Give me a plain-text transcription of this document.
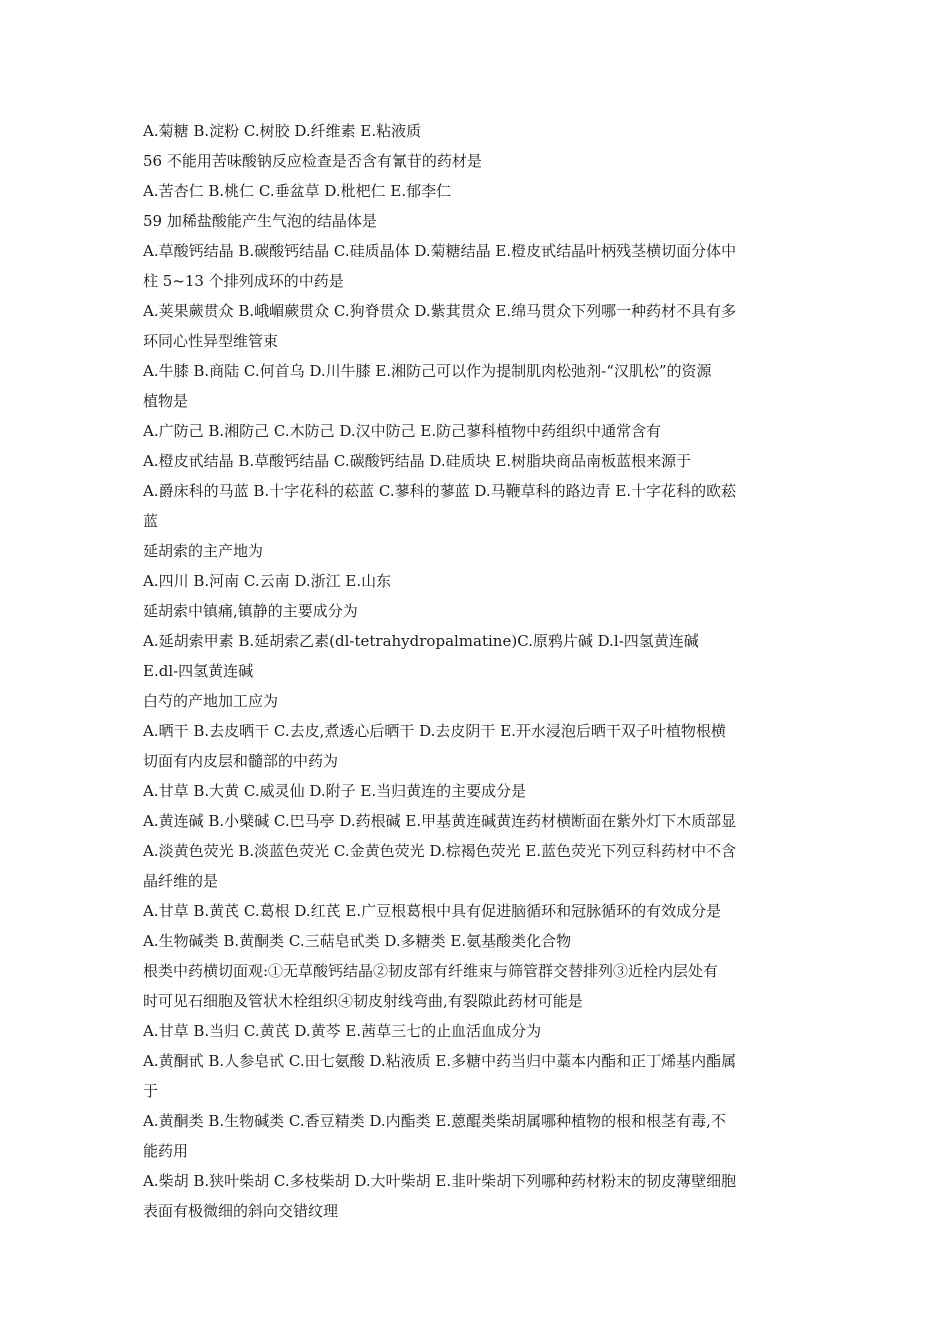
A.菊糖 B.淀粉 C.树胶 D.纤维素 E.粘液质
56 不能用苦味酸钠反应检查是否含有氰苷的药材是
A.苦杏仁 B.桃仁 C.垂盆草 D.枇杷仁 E.郁李仁
59 加稀盐酸能产生气泡的结晶体是
A.草酸钙结晶 B.碳酸钙结晶 C.硅质晶体 D.菊糖结晶 E.橙皮甙结晶叶柄残茎横切面分体中
柱 5~13 个排列成环的中药是
A.荚果蕨贯众 B.峨嵋蕨贯众 C.狗脊贯众 D.紫萁贯众 E.绵马贯众下列哪一种药材不具有多
环同心性异型维管束
A.牛膝 B.商陆 C.何首乌 D.川牛膝 E.湘防己可以作为提制肌肉松弛剂-“汉肌松”的资源
植物是
A.广防己 B.湘防己 C.木防己 D.汉中防己 E.防己蓼科植物中药组织中通常含有
A.橙皮甙结晶 B.草酸钙结晶 C.碳酸钙结晶 D.硅质块 E.树脂块商品南板蓝根来源于
A.爵床科的马蓝 B.十字花科的菘蓝 C.蓼科的蓼蓝 D.马鞭草科的路边青 E.十字花科的欧菘
蓝
延胡索的主产地为
A.四川 B.河南 C.云南 D.浙江 E.山东
延胡索中镇痛,镇静的主要成分为
A.延胡索甲素 B.延胡索乙素(dl-tetrahydropalmatine)C.原鸦片碱 D.l-四氢黄连碱
E.dl-四氢黄连碱
白芍的产地加工应为
A.晒干 B.去皮晒干 C.去皮,煮透心后晒干 D.去皮阴干 E.开水浸泡后晒干双子叶植物根横
切面有内皮层和髓部的中药为
A.甘草 B.大黄 C.威灵仙 D.附子 E.当归黄连的主要成分是
A.黄连碱 B.小檗碱 C.巴马亭 D.药根碱 E.甲基黄连碱黄连药材横断面在紫外灯下木质部显
A.淡黄色荧光 B.淡蓝色荧光 C.金黄色荧光 D.棕褐色荧光 E.蓝色荧光下列豆科药材中不含
晶纤维的是
A.甘草 B.黄芪 C.葛根 D.红芪 E.广豆根葛根中具有促进脑循环和冠脉循环的有效成分是
A.生物碱类 B.黄酮类 C.三萜皂甙类 D.多糖类 E.氨基酸类化合物
根类中药横切面观:①无草酸钙结晶②韧皮部有纤维束与筛管群交替排列③近栓内层处有
时可见石细胞及管状木栓组织④韧皮射线弯曲,有裂隙此药材可能是
A.甘草 B.当归 C.黄芪 D.黄芩 E.茜草三七的止血活血成分为
A.黄酮甙 B.人参皂甙 C.田七氨酸 D.粘液质 E.多糖中药当归中藁本内酯和正丁烯基内酯属
于
A.黄酮类 B.生物碱类 C.香豆精类 D.内酯类 E.蒽醌类柴胡属哪种植物的根和根茎有毒,不
能药用
A.柴胡 B.狭叶柴胡 C.多枝柴胡 D.大叶柴胡 E.韭叶柴胡下列哪种药材粉末的韧皮薄壁细胞
表面有极微细的斜向交错纹理
